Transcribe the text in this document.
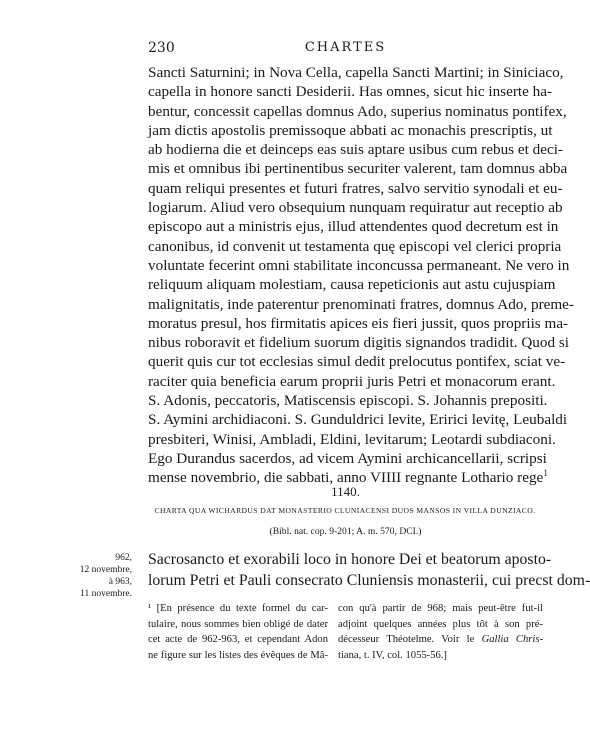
230	CHARTES
Sancti Saturnini; in Nova Cella, capella Sancti Martini; in Siniciaco,
capella in honore sancti Desiderii. Has omnes, sicut hic inserte ha-
bentur, concessit capellas domnus Ado, superius nominatus pontifex,
jam dictis apostolis premissoque abbati ac monachis prescriptis, ut
ab hodierna die et deinceps eas suis aptare usibus cum rebus et deci-
mis et omnibus ibi pertinentibus securiter valerent, tam domnus abba
quam reliqui presentes et futuri fratres, salvo servitio synodali et eu-
logiarum. Aliud vero obsequium nunquam requiratur aut receptio ab
episcopo aut a ministris ejus, illud attendentes quod decretum est in
canonibus, id convenit ut testamenta quę episcopi vel clerici propria
voluntate fecerint omni stabilitate inconcussa permaneant. Ne vero in
reliquum aliquam molestiam, causa repeticionis aut astu cujuspiam
malignitatis, inde paterentur prenominati fratres, domnus Ado, preme-
moratus presul, hos firmitatis apices eis fieri jussit, quos propriis ma-
nibus roboravit et fidelium suorum digitis signandos tradidit. Quod si
querit quis cur tot ecclesias simul dedit prelocutus pontifex, sciat ve-
raciter quia beneficia earum proprii juris Petri et monacorum erant.
S. Adonis, peccatoris, Matiscensis episcopi. S. Johannis prepositi.
S. Aymini archidiaconi. S. Gunduldrici levite, Eririci levitę, Leubaldi
presbiteri, Winisi, Ambladi, Eldini, levitarum; Leotardi subdiaconi.
Ego Durandus sacerdos, ad vicem Aymini archicancellarii, scripsi
mense novembrio, die sabbati, anno VIIII regnante Lothario rege$^1$
1140.
CHARTA QUA WICHARDUS DAT MONASTERIO CLUNIACENSI DUOS MANSOS IN VILLA DUNZIACO.
(Bibl. nat. cop. 9-201; A. m. 570, DCI.)
962,
12 novembre,
à 963,
11 novembre.
Sacrosancto et exorabili loco in honore Dei et beatorum aposto-
lorum Petri et Pauli consecrato Cluniensis monasterii, cui precst dom-
¹ [En présence du texte formel du car-
tulaire, nous sommes bien obligé de dater
cet acte de 962-963, et cependant Adon
ne figure sur les listes des évêques de Mâ-
con qu'à partir de 968; mais peut-être fut-il
adjoint quelques années plus tôt à son pré-
décesseur Théotelme. Voir le Gallia Chris-
tiana, t. IV, col. 1055-56.]
